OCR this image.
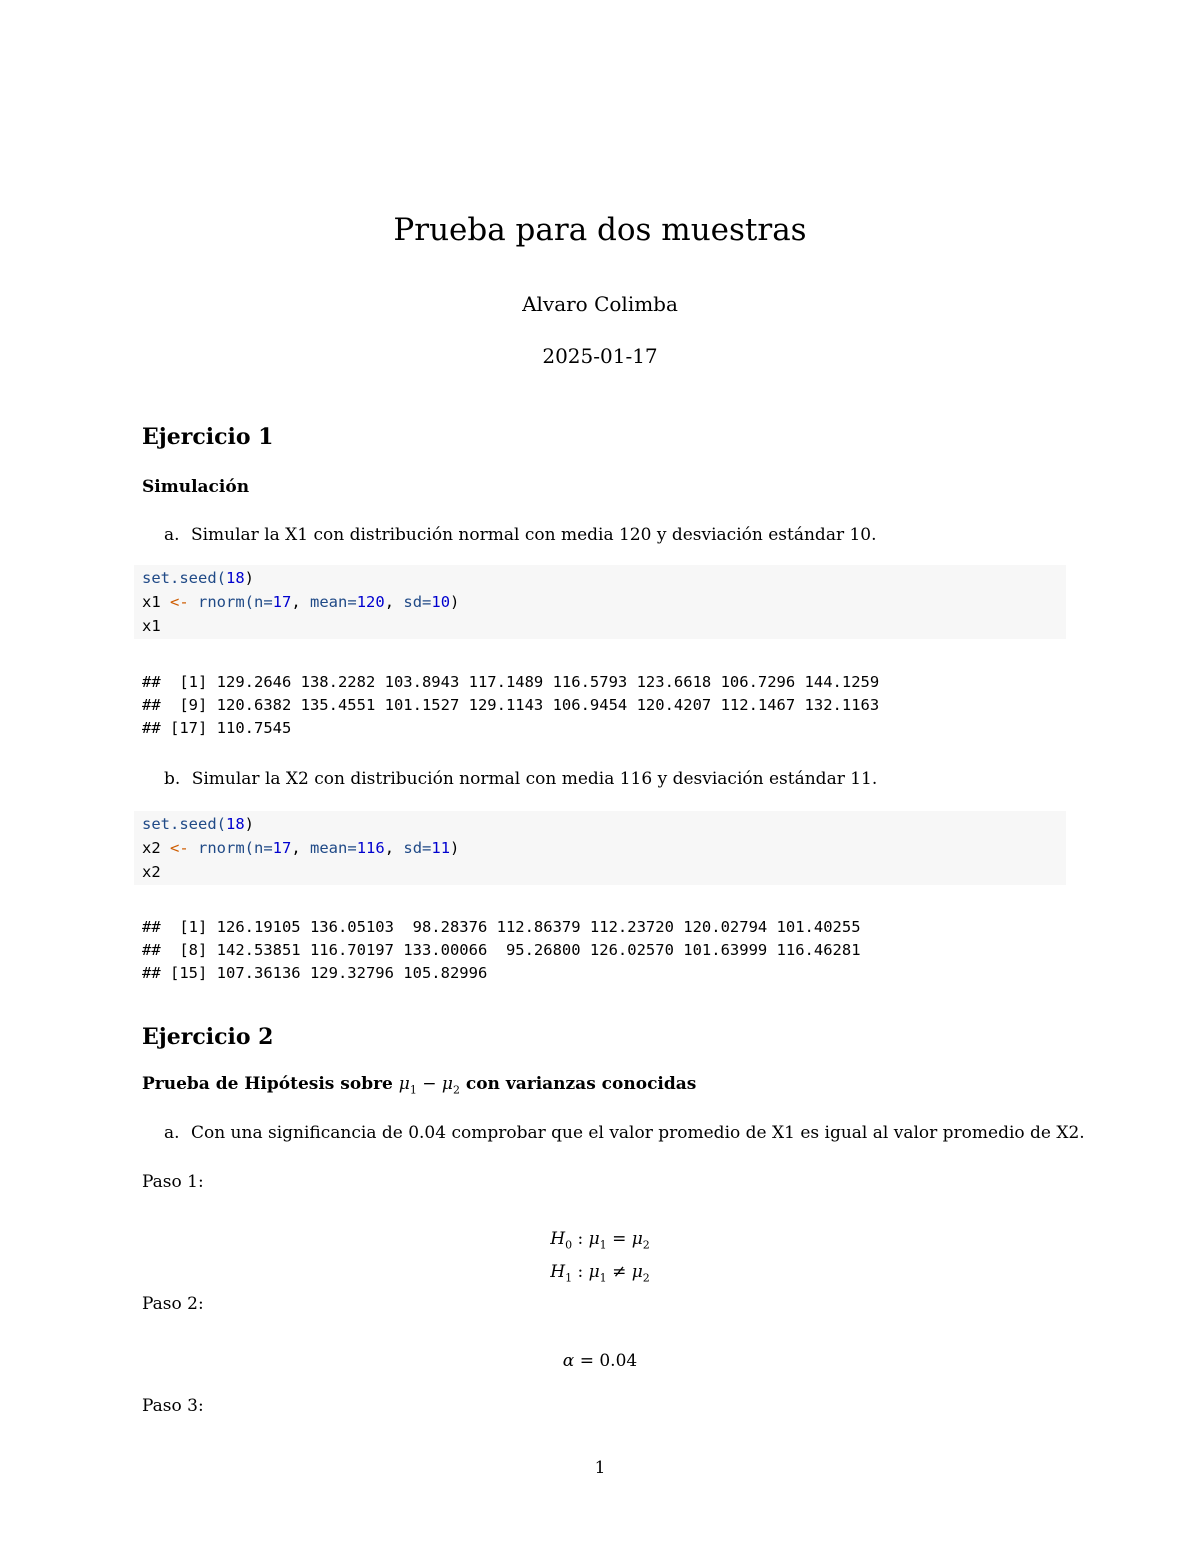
Prueba para dos muestras
Alvaro Colimba
2025-01-17
Ejercicio 1
Simulación
a. Simular la X1 con distribución normal con media 120 y desviación estándar 10.
set.seed(18)
x1 <- rnorm(n=17, mean=120, sd=10)
x1
##  [1] 129.2646 138.2282 103.8943 117.1489 116.5793 123.6618 106.7296 144.1259
##  [9] 120.6382 135.4551 101.1527 129.1143 106.9454 120.4207 112.1467 132.1163
## [17] 110.7545
b. Simular la X2 con distribución normal con media 116 y desviación estándar 11.
set.seed(18)
x2 <- rnorm(n=17, mean=116, sd=11)
x2
##  [1] 126.19105 136.05103  98.28376 112.86379 112.23720 120.02794 101.40255
##  [8] 142.53851 116.70197 133.00066  95.26800 126.02570 101.63999 116.46281
## [15] 107.36136 129.32796 105.82996
Ejercicio 2
Prueba de Hipótesis sobre $\mu_1 - \mu_2$ con varianzas conocidas
a. Con una significancia de 0.04 comprobar que el valor promedio de X1 es igual al valor promedio de X2.
Paso 1:
$H_0$ : $\mu_1 = \mu_2$
$H_1$ : $\mu_1 \ne \mu_2$
Paso 2:
α = 0.04
Paso 3:
1
